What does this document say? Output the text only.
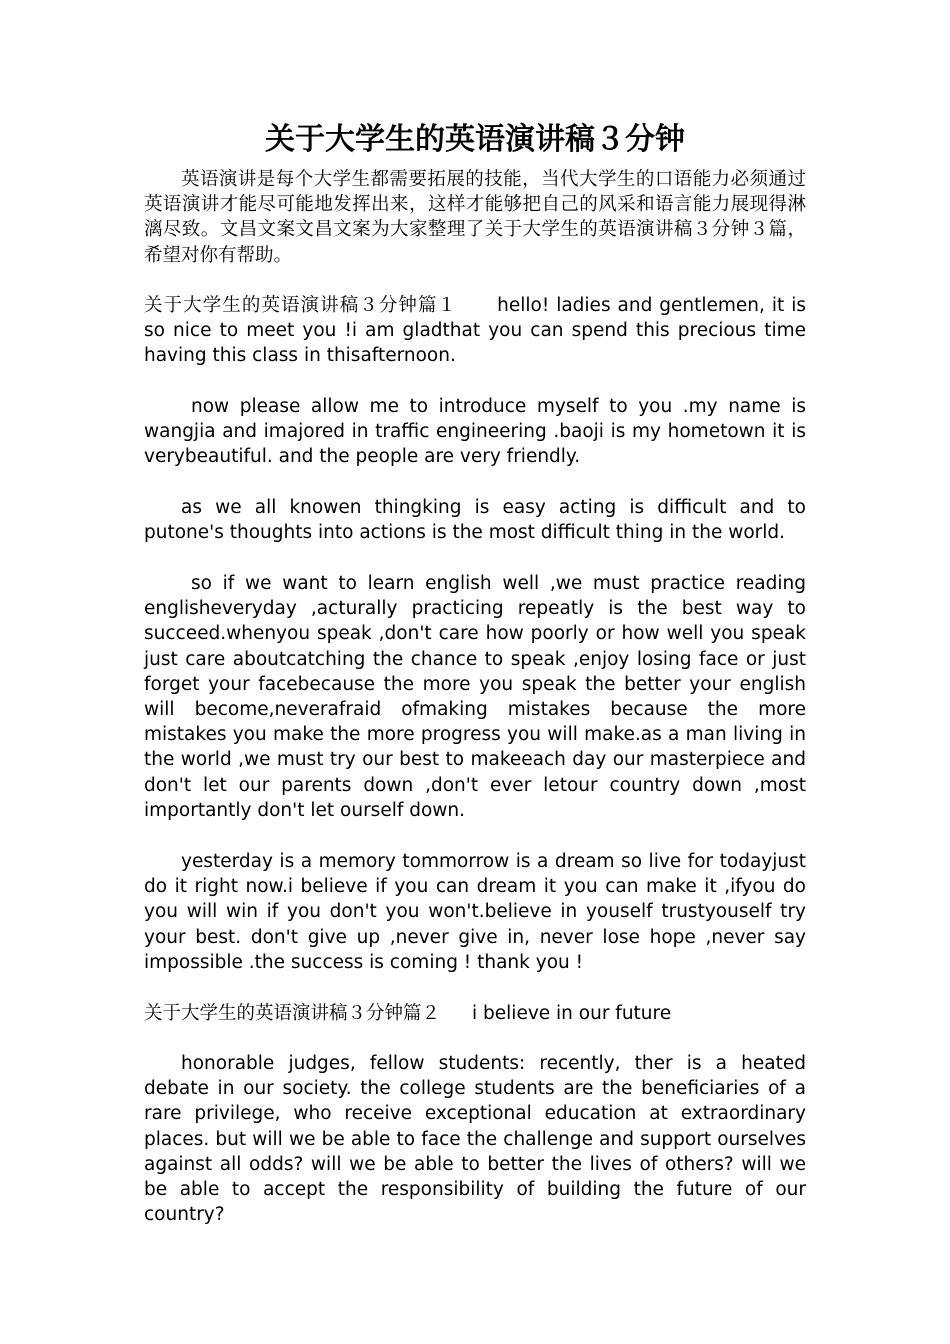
关于大学生的英语演讲稿３分钟

英语演讲是每个大学生都需要拓展的技能，当代大学生的口语能力必须通过英语演讲才能尽可能地发挥出来，这样才能够把自己的风采和语言能力展现得淋漓尽致。文昌文案文昌文案为大家整理了关于大学生的英语演讲稿３分钟３篇，希望对你有帮助。

关于大学生的英语演讲稿３分钟篇１ hello! ladies and gentlemen, it is so nice to meet you !i am gladthat you can spend this precious time having this class in thisafternoon.

now please allow me to introduce myself to you .my name is wangjia and imajored in traffic engineering .baoji is my hometown it is verybeautiful. and the people are very friendly.

as we all knowen thingking is easy acting is difficult and to putone's thoughts into actions is the most difficult thing in the world.

so if we want to learn english well ,we must practice reading englisheveryday ,acturally practicing repeatly is the best way to succeed.whenyou speak ,don't care how poorly or how well you speak just care aboutcatching the chance to speak ,enjoy losing face or just forget your facebecause the more you speak the better your english will become,neverafraid ofmaking mistakes because the more mistakes you make the more progress you will make.as a man living in the world ,we must try our best to makeeach day our masterpiece and don't let our parents down ,don't ever letour country down ,most importantly don't let ourself down.

yesterday is a memory tommorrow is a dream so live for todayjust do it right now.i believe if you can dream it you can make it ,ifyou do you will win if you don't you won't.believe in youself trustyouself try your best. don't give up ,never give in, never lose hope ,never say impossible .the success is coming ! thank you !

关于大学生的英语演讲稿３分钟篇２ i believe in our future

honorable judges, fellow students: recently, ther is a heated debate in our society. the college students are the beneficiaries of a rare privilege, who receive exceptional education at extraordinary places. but will we be able to face the challenge and support ourselves against all odds? will we be able to better the lives of others? will we be able to accept the responsibility of building the future of our country?
